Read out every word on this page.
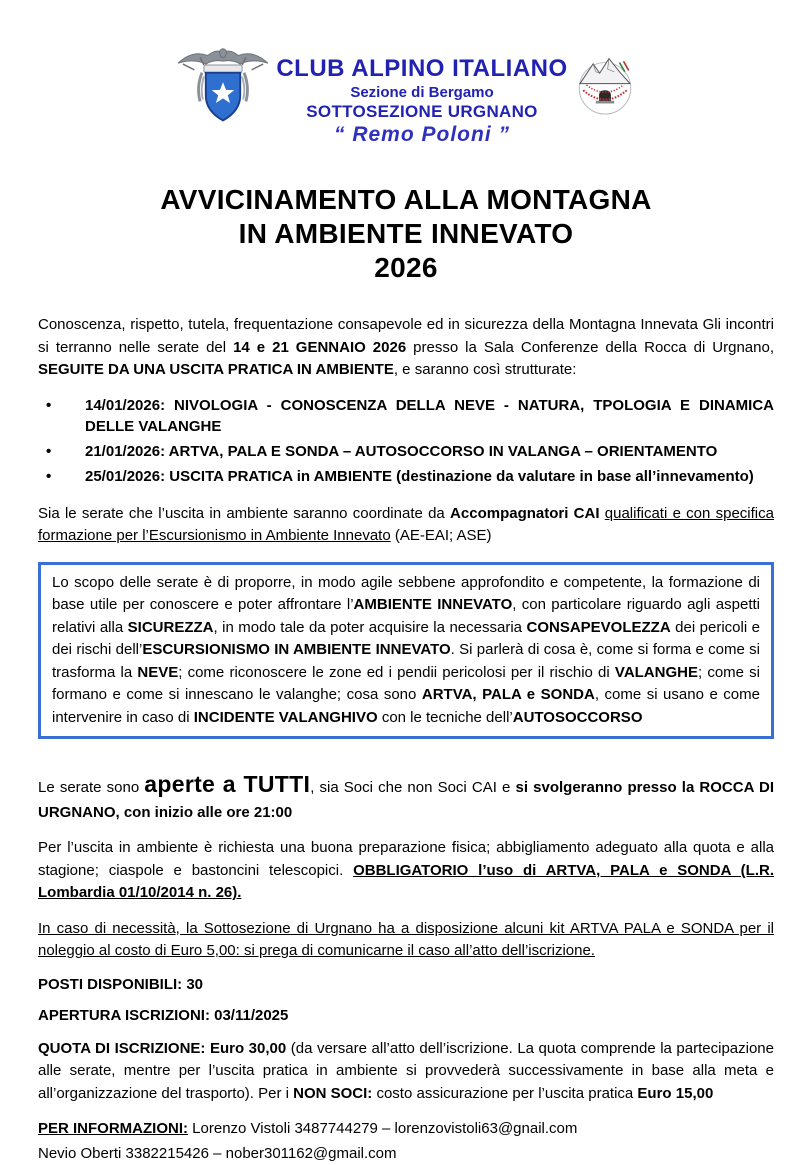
CLUB ALPINO ITALIANO
Sezione di Bergamo
SOTTOSEZIONE URGNANO
“ Remo Poloni ”
AVVICINAMENTO ALLA MONTAGNA
IN AMBIENTE INNEVATO
2026

Conoscenza, rispetto, tutela, frequentazione consapevole ed in sicurezza della Montagna Innevata Gli incontri si terranno nelle serate del 14 e 21 GENNAIO 2026 presso la Sala Conferenze della Rocca di Urgnano, SEGUITE DA UNA USCITA PRATICA IN AMBIENTE, e saranno così strutturate:

• 14/01/2026: NIVOLOGIA - CONOSCENZA DELLA NEVE - NATURA, TPOLOGIA E DINAMICA DELLE VALANGHE
• 21/01/2026: ARTVA, PALA E SONDA – AUTOSOCCORSO IN VALANGA – ORIENTAMENTO
• 25/01/2026: USCITA PRATICA in AMBIENTE (destinazione da valutare in base all’innevamento)

Sia le serate che l’uscita in ambiente saranno coordinate da Accompagnatori CAI qualificati e con specifica formazione per l’Escursionismo in Ambiente Innevato (AE-EAI; ASE)

Lo scopo delle serate è di proporre, in modo agile sebbene approfondito e competente, la formazione di base utile per conoscere e poter affrontare l’AMBIENTE INNEVATO, con particolare riguardo agli aspetti relativi alla SICUREZZA, in modo tale da poter acquisire la necessaria CONSAPEVOLEZZA dei pericoli e dei rischi dell’ESCURSIONISMO IN AMBIENTE INNEVATO. Si parlerà di cosa è, come si forma e come si trasforma la NEVE; come riconoscere le zone ed i pendii pericolosi per il rischio di VALANGHE; come si formano e come si innescano le valanghe; cosa sono ARTVA, PALA e SONDA, come si usano e come intervenire in caso di INCIDENTE VALANGHIVO con le tecniche dell’AUTOSOCCORSO

Le serate sono aperte a TUTTI, sia Soci che non Soci CAI e si svolgeranno presso la ROCCA DI URGNANO, con inizio alle ore 21:00

Per l’uscita in ambiente è richiesta una buona preparazione fisica; abbigliamento adeguato alla quota e alla stagione; ciaspole e bastoncini telescopici. OBBLIGATORIO l’uso di ARTVA, PALA e SONDA (L.R. Lombardia 01/10/2014 n. 26).

In caso di necessità, la Sottosezione di Urgnano ha a disposizione alcuni kit ARTVA PALA e SONDA per il noleggio al costo di Euro 5,00: si prega di comunicarne il caso all’atto dell’iscrizione.

POSTI DISPONIBILI: 30

APERTURA ISCRIZIONI: 03/11/2025

QUOTA DI ISCRIZIONE: Euro 30,00 (da versare all’atto dell’iscrizione. La quota comprende la partecipazione alle serate, mentre per l’uscita pratica in ambiente si provvederà successivamente in base alla meta e all’organizzazione del trasporto). Per i NON SOCI: costo assicurazione per l’uscita pratica Euro 15,00

PER INFORMAZIONI: Lorenzo Vistoli 3487744279 – lorenzovistoli63@gnail.com

Nevio Oberti 3382215426 – nober301162@gmail.com
